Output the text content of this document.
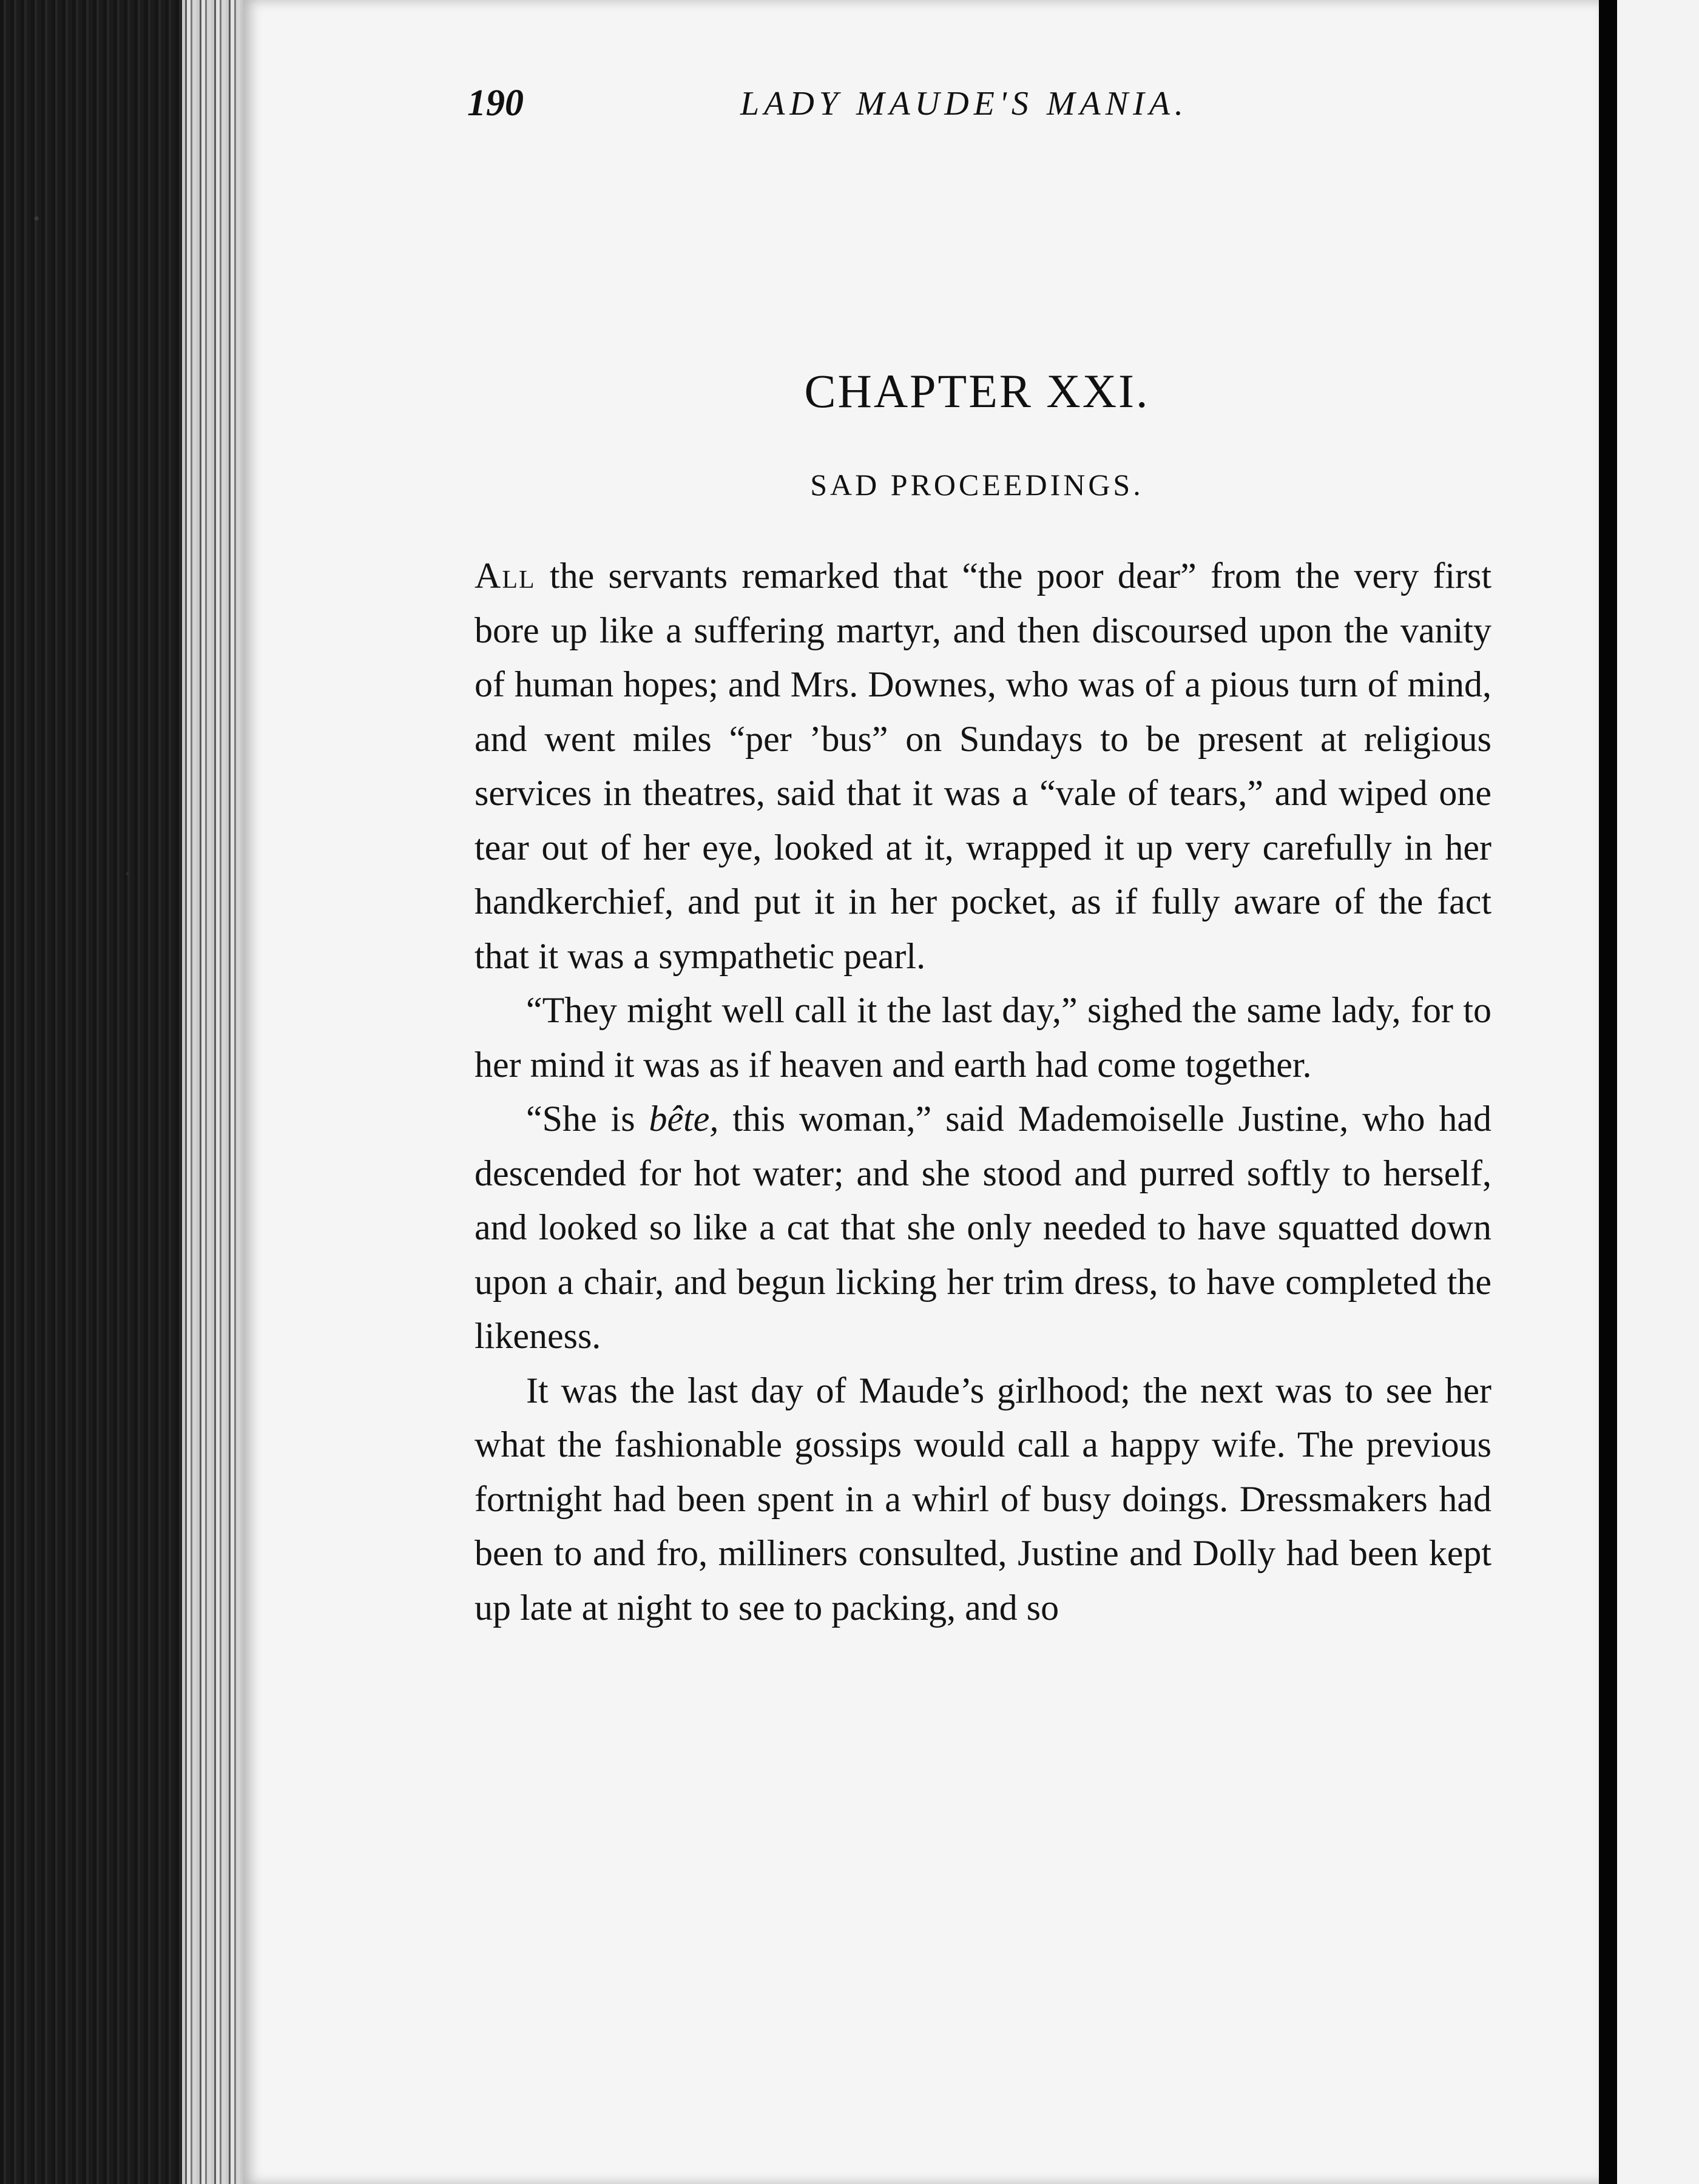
190	LADY MAUDE'S MANIA.
CHAPTER XXI.
SAD PROCEEDINGS.

All the servants remarked that “the poor dear” from the very first bore up like a suffering martyr, and then discoursed upon the vanity of human hopes; and Mrs. Downes, who was of a pious turn of mind, and went miles “per ’bus” on Sundays to be present at religious services in theatres, said that it was a “vale of tears,” and wiped one tear out of her eye, looked at it, wrapped it up very carefully in her handkerchief, and put it in her pocket, as if fully aware of the fact that it was a sympathetic pearl.

“They might well call it the last day,” sighed the same lady, for to her mind it was as if heaven and earth had come together.

“She is bête, this woman,” said Mademoiselle Justine, who had descended for hot water; and she stood and purred softly to herself, and looked so like a cat that she only needed to have squatted down upon a chair, and begun licking her trim dress, to have completed the likeness.

It was the last day of Maude’s girlhood; the next was to see her what the fashionable gossips would call a happy wife. The previous fortnight had been spent in a whirl of busy doings. Dressmakers had been to and fro, milliners consulted, Justine and Dolly had been kept up late at night to see to packing, and so
